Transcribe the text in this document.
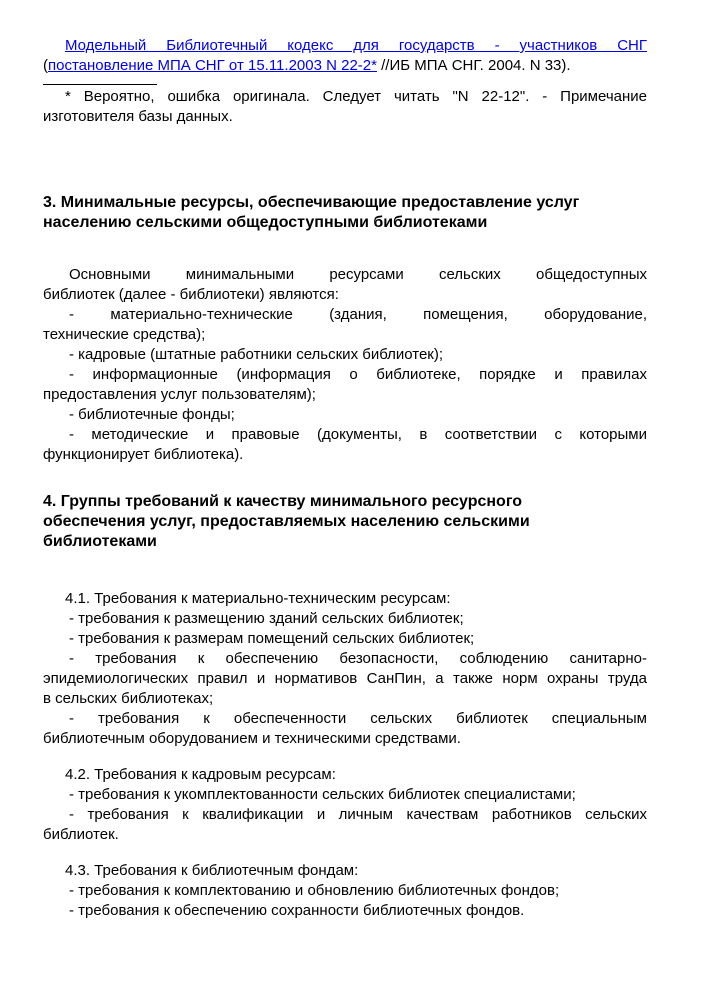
Модельный Библиотечный кодекс для государств - участников СНГ

(постановление МПА СНГ от 15.11.2003 N 22-2* //ИБ МПА СНГ. 2004. N 33).

* Вероятно, ошибка оригинала. Следует читать "N 22-12". - Примечание

изготовителя базы данных.

3. Минимальные ресурсы, обеспечивающие предоставление услуг
населению сельскими общедоступными библиотеками

Основными минимальными ресурсами сельских общедоступных

библиотек (далее - библиотеки) являются:

- материально-технические (здания, помещения, оборудование,

технические средства);

- кадровые (штатные работники сельских библиотек);

- информационные (информация о библиотеке, порядке и правилах

предоставления услуг пользователям);

- библиотечные фонды;

- методические и правовые (документы, в соответствии с которыми

функционирует библиотека).

4. Группы требований к качеству минимального ресурсного
обеспечения услуг, предоставляемых населению сельскими
библиотеками

4.1. Требования к материально-техническим ресурсам:

- требования к размещению зданий сельских библиотек;

- требования к размерам помещений сельских библиотек;

- требования к обеспечению безопасности, соблюдению санитарно-

эпидемиологических правил и нормативов СанПин, а также норм охраны труда

в сельских библиотеках;

- требования к обеспеченности сельских библиотек специальным

библиотечным оборудованием и техническими средствами.

4.2. Требования к кадровым ресурсам:

- требования к укомплектованности сельских библиотек специалистами;

- требования к квалификации и личным качествам работников сельских

библиотек.

4.3. Требования к библиотечным фондам:

- требования к комплектованию и обновлению библиотечных фондов;

- требования к обеспечению сохранности библиотечных фондов.
